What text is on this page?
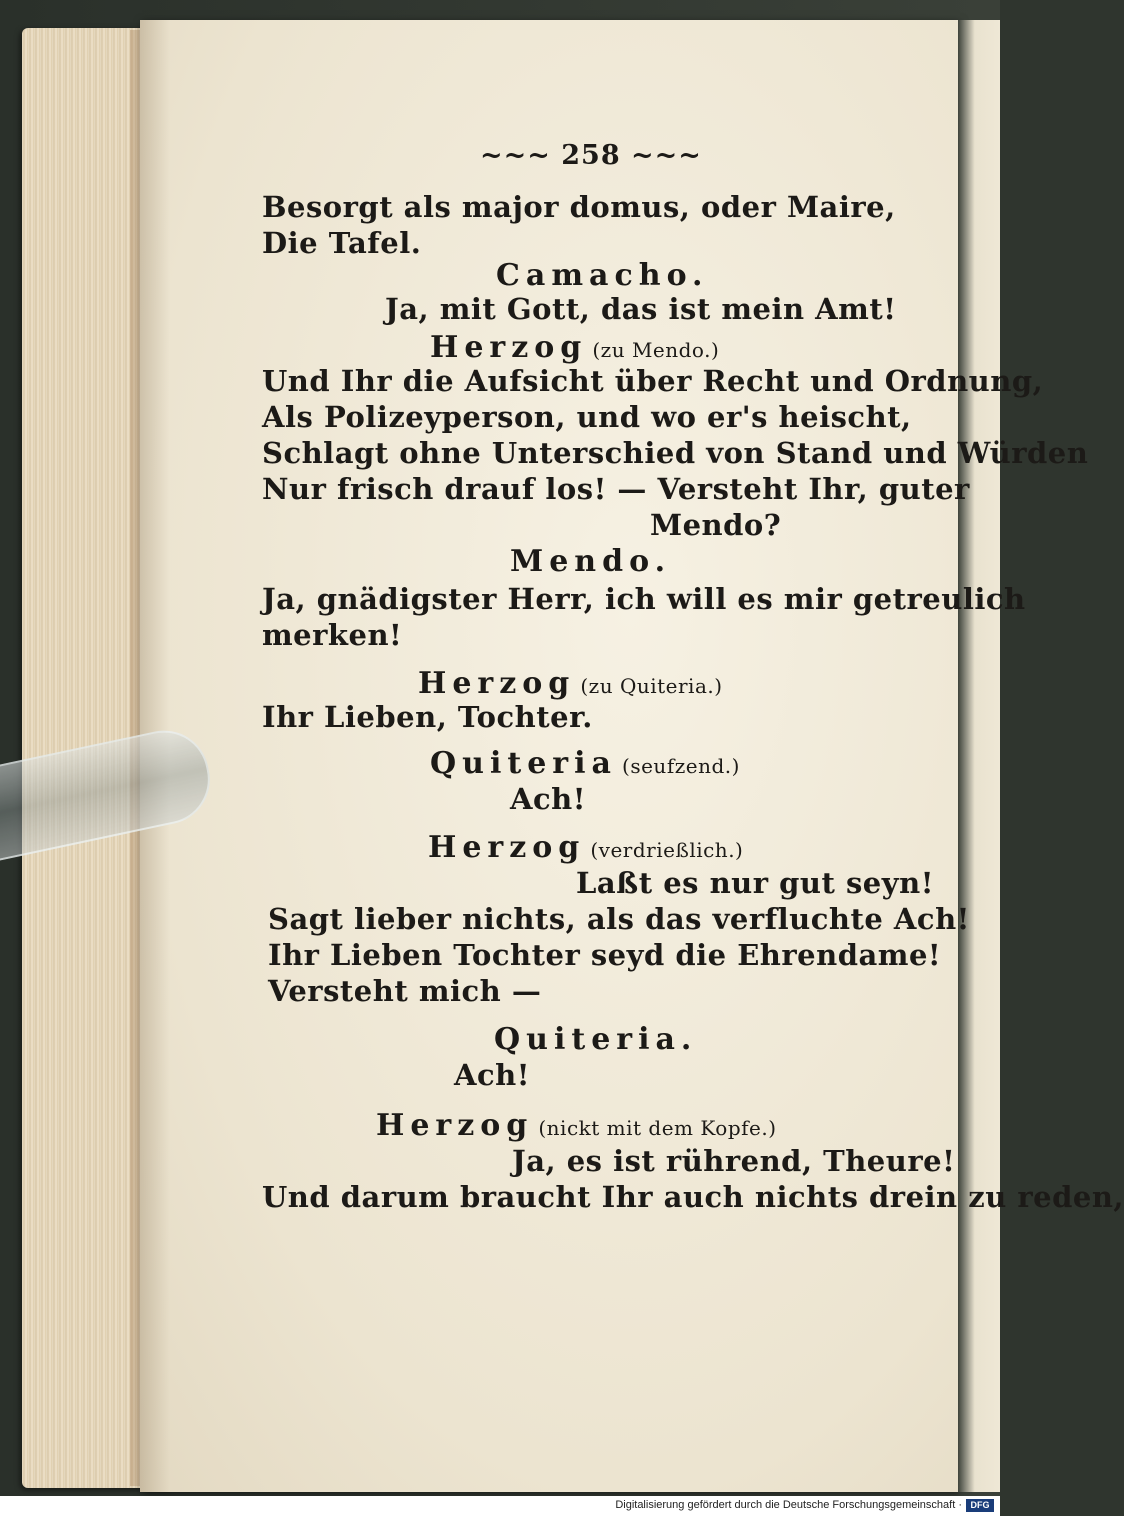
~~~ 258 ~~~
Besorgt als major domus, oder Maire,
Die Tafel.
Camacho.
Ja, mit Gott, das ist mein Amt!
Herzog (zu Mendo.)
Und Ihr die Aufsicht über Recht und Ordnung,
Als Polizeyperson, und wo er's heischt,
Schlagt ohne Unterschied von Stand und Würden
Nur frisch drauf los! — Versteht Ihr, guter
Mendo?
Mendo.
Ja, gnädigster Herr, ich will es mir getreulich
merken!
Herzog (zu Quiteria.)
Ihr Lieben, Tochter.
Quiteria (seufzend.)
Ach!
Herzog (verdrießlich.)
Laßt es nur gut seyn!
Sagt lieber nichts, als das verfluchte Ach!
Ihr Lieben Tochter seyd die Ehrendame!
Versteht mich —
Quiteria.
Ach!
Herzog (nickt mit dem Kopfe.)
Ja, es ist rührend, Theure!
Und darum braucht Ihr auch nichts drein zu reden,
Digitalisierung gefördert durch die Deutsche Forschungsgemeinschaft · DFG
